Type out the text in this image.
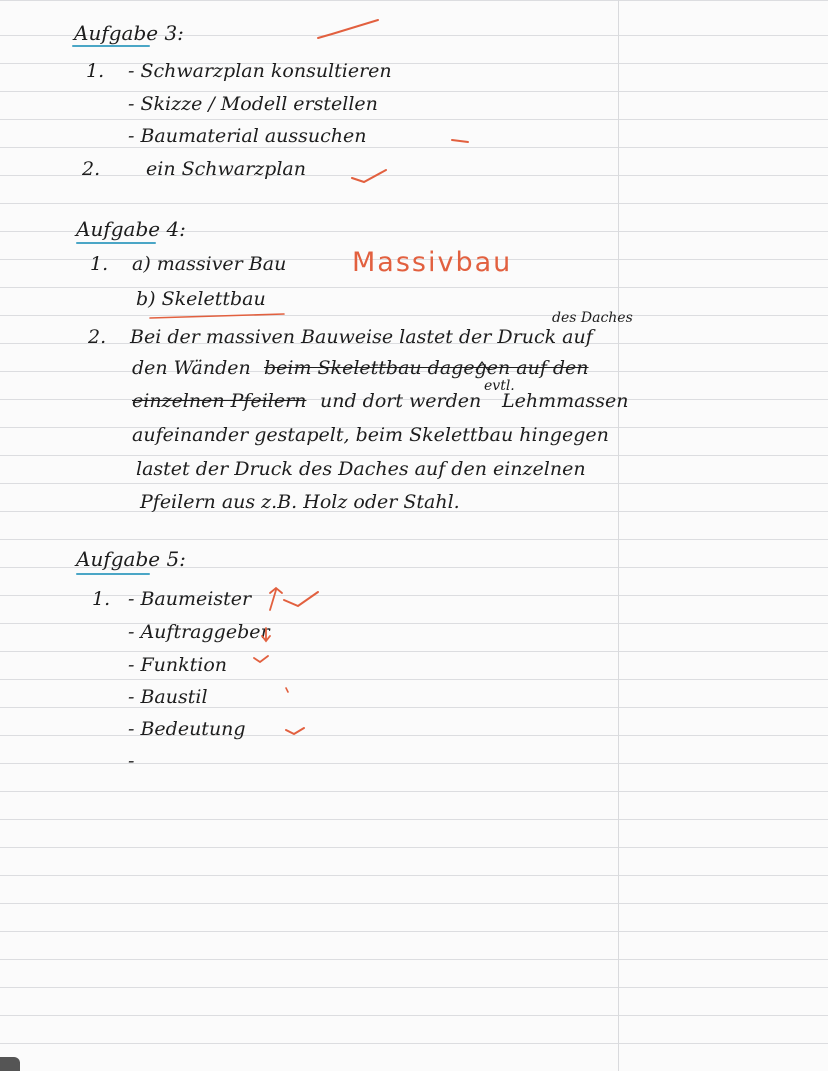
Aufgabe 3:
1. - Schwarzplan konsultieren
- Skizze / Modell erstellen
- Baumaterial aussuchen
2. ein Schwarzplan
Aufgabe 4:
1. a) massiver Bau Massivbau
b) Skelettbau
des Daches
2. Bei der massiven Bauweise lastet der Druck auf
den Wänden beim Skelettbau dagegen auf den
einzelnen Pfeilern und dort werden
evtl.
Lehmmassen
aufeinander gestapelt, beim Skelettbau hingegen
lastet der Druck des Daches auf den einzelnen
Pfeilern aus z.B. Holz oder Stahl.
Aufgabe 5:
1. - Baumeister
- Auftraggeber
- Funktion
- Baustil
- Bedeutung
-
